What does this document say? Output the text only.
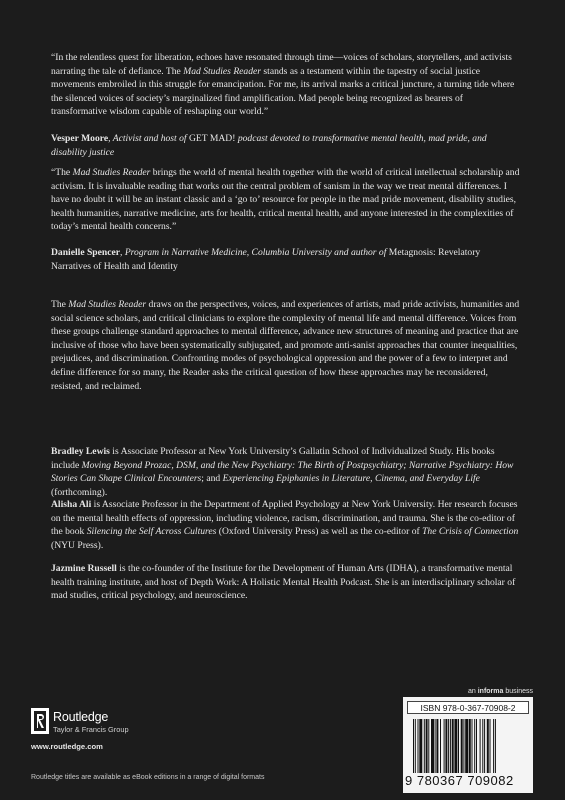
“In the relentless quest for liberation, echoes have resonated through time—voices of scholars, storytellers, and activists narrating the tale of defiance. The Mad Studies Reader stands as a testament within the tapestry of social justice movements embroiled in this struggle for emancipation. For me, its arrival marks a critical juncture, a turning tide where the silenced voices of society’s marginalized find amplification. Mad people being recognized as bearers of transformative wisdom capable of reshaping our world.”

Vesper Moore, Activist and host of GET MAD! podcast devoted to transformative mental health, mad pride, and disability justice

“The Mad Studies Reader brings the world of mental health together with the world of critical intellectual scholarship and activism. It is invaluable reading that works out the central problem of sanism in the way we treat mental differences. I have no doubt it will be an instant classic and a ‘go to’ resource for people in the mad pride movement, disability studies, health humanities, narrative medicine, arts for health, critical mental health, and anyone interested in the complexities of today’s mental health concerns.”

Danielle Spencer, Program in Narrative Medicine, Columbia University and author of Metagnosis: Revelatory Narratives of Health and Identity

The Mad Studies Reader draws on the perspectives, voices, and experiences of artists, mad pride activists, humanities and social science scholars, and critical clinicians to explore the complexity of mental life and mental difference. Voices from these groups challenge standard approaches to mental difference, advance new structures of meaning and practice that are inclusive of those who have been systematically subjugated, and promote anti-sanist approaches that counter inequalities, prejudices, and discrimination. Confronting modes of psychological oppression and the power of a few to interpret and define difference for so many, the Reader asks the critical question of how these approaches may be reconsidered, resisted, and reclaimed.

Bradley Lewis is Associate Professor at New York University’s Gallatin School of Individualized Study. His books include Moving Beyond Prozac, DSM, and the New Psychiatry: The Birth of Postpsychiatry; Narrative Psychiatry: How Stories Can Shape Clinical Encounters; and Experiencing Epiphanies in Literature, Cinema, and Everyday Life (forthcoming).

Alisha Ali is Associate Professor in the Department of Applied Psychology at New York University. Her research focuses on the mental health effects of oppression, including violence, racism, discrimination, and trauma. She is the co-editor of the book Silencing the Self Across Cultures (Oxford University Press) as well as the co-editor of The Crisis of Connection (NYU Press).

Jazmine Russell is the co-founder of the Institute for the Development of Human Arts (IDHA), a transformative mental health training institute, and host of Depth Work: A Holistic Mental Health Podcast. She is an interdisciplinary scholar of mad studies, critical psychology, and neuroscience.

Routledge
Taylor & Francis Group
www.routledge.com
Routledge titles are available as eBook editions in a range of digital formats
an informa business
ISBN 978-0-367-70908-2
9 780367 709082
